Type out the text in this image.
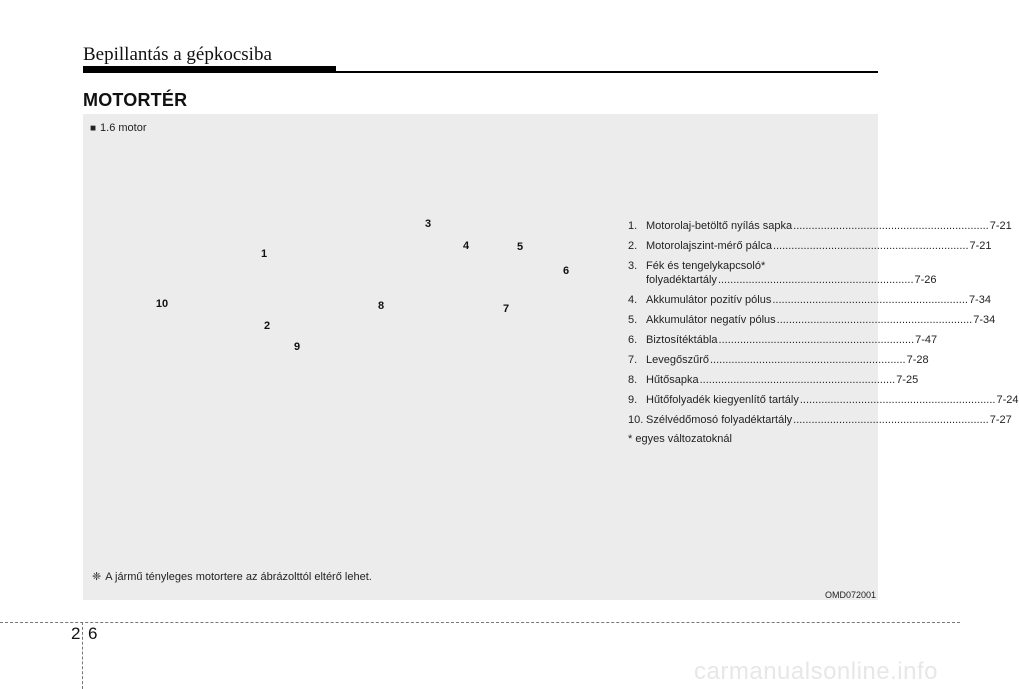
Bepillantás a gépkocsiba
MOTORTÉR
■ 1.6 motor
1
2
3
4	5
6
7
8
9
10
1. Motorolaj-betöltő nyílás sapka ................................................................ 7-21
2. Motorolajszint-mérő pálca ................................................................ 7-21
3. Fék és tengelykapcsoló*
folyadéktartály ................................................................ 7-26
4. Akkumulátor pozitív pólus ................................................................ 7-34
5. Akkumulátor negatív pólus ................................................................ 7-34
6. Biztosítéktábla ................................................................ 7-47
7. Levegőszűrő ................................................................ 7-28
8. Hűtősapka ................................................................ 7-25
9. Hűtőfolyadék kiegyenlítő tartály ................................................................ 7-24
10. Szélvédőmosó folyadéktartály ................................................................ 7-27
* egyes változatoknál
❈ A jármű tényleges motortere az ábrázolttól eltérő lehet.
OMD072001
2 6
carmanualsonline.info
